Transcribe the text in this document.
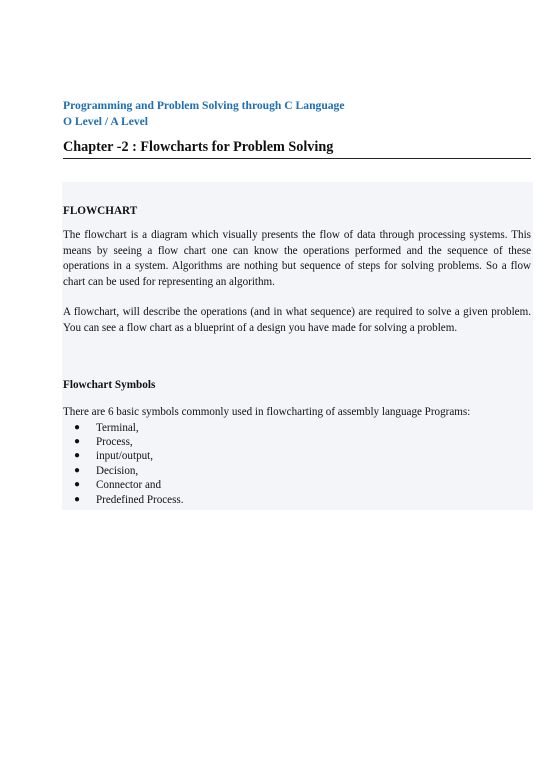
Programming and Problem Solving through C Language
O Level / A Level
Chapter -2 : Flowcharts for Problem Solving
FLOWCHART

The flowchart is a diagram which visually presents the flow of data through processing systems. This means by seeing a flow chart one can know the operations performed and the sequence of these operations in a system. Algorithms are nothing but sequence of steps for solving problems. So a flow chart can be used for representing an algorithm.

A flowchart, will describe the operations (and in what sequence) are required to solve a given problem. You can see a flow chart as a blueprint of a design you have made for solving a problem.

Flowchart Symbols
There are 6 basic symbols commonly used in flowcharting of assembly language Programs:
● Terminal,
● Process,
● input/output,
● Decision,
● Connector and
● Predefined Process.
